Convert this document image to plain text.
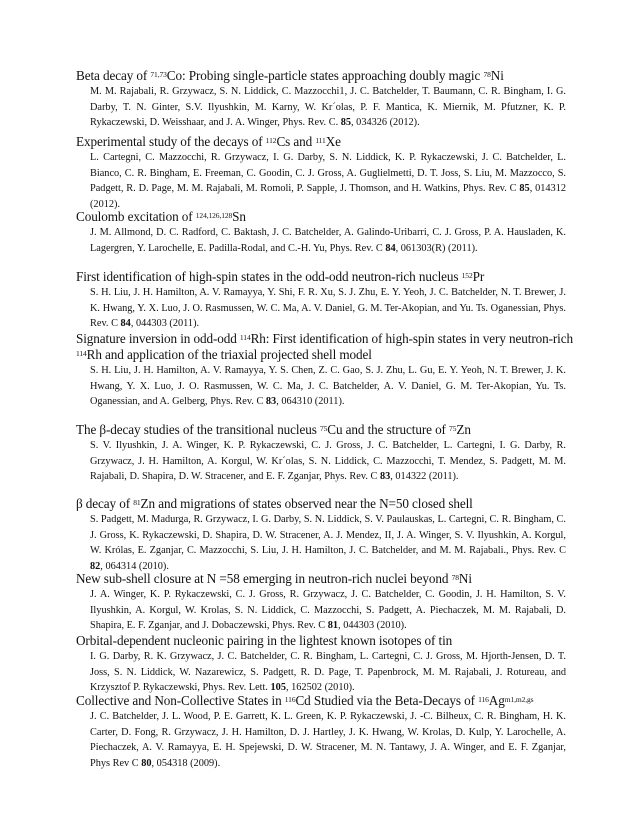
Beta decay of $^{71,73}$Co: Probing single-particle states approaching doubly magic $^{78}$Ni
M. M. Rajabali, R. Grzywacz, S. N. Liddick, C. Mazzocchi1, J. C. Batchelder, T. Baumann, C. R. Bingham, I. G. Darby, T. N. Ginter, S.V. Ilyushkin, M. Karny, W. Kr´olas, P. F. Mantica, K. Miernik, M. Pfutzner, K. P. Rykaczewski, D. Weisshaar, and J. A. Winger, Phys. Rev. C. 85, 034326 (2012).
Experimental study of the decays of $^{112}$Cs and $^{111}$Xe
L. Cartegni, C. Mazzocchi, R. Grzywacz, I. G. Darby, S. N. Liddick, K. P. Rykaczewski, J. C. Batchelder, L. Bianco, C. R. Bingham, E. Freeman, C. Goodin, C. J. Gross, A. Guglielmetti, D. T. Joss, S. Liu, M. Mazzocco, S. Padgett, R. D. Page, M. M. Rajabali, M. Romoli, P. Sapple, J. Thomson, and H. Watkins, Phys. Rev. C 85, 014312 (2012).
Coulomb excitation of $^{124,126,128}$Sn
J. M. Allmond, D. C. Radford, C. Baktash, J. C. Batchelder, A. Galindo-Uribarri, C. J. Gross, P. A. Hausladen, K. Lagergren, Y. Larochelle, E. Padilla-Rodal, and C.-H. Yu, Phys. Rev. C 84, 061303(R) (2011).
First identification of high-spin states in the odd-odd neutron-rich nucleus $^{152}$Pr
S. H. Liu, J. H. Hamilton, A. V. Ramayya, Y. Shi, F. R. Xu, S. J. Zhu, E. Y. Yeoh, J. C. Batchelder, N. T. Brewer, J. K. Hwang, Y. X. Luo, J. O. Rasmussen, W. C. Ma, A. V. Daniel, G. M. Ter-Akopian, and Yu. Ts. Oganessian, Phys. Rev. C 84, 044303 (2011).
Signature inversion in odd-odd $^{114}$Rh: First identification of high-spin states in very neutron-rich
$^{114}$Rh and application of the triaxial projected shell model
S. H. Liu, J. H. Hamilton, A. V. Ramayya, Y. S. Chen, Z. C. Gao, S. J. Zhu, L. Gu, E. Y. Yeoh, N. T. Brewer, J. K. Hwang, Y. X. Luo, J. O. Rasmussen, W. C. Ma, J. C. Batchelder, A. V. Daniel, G. M. Ter-Akopian, Yu. Ts. Oganessian, and A. Gelberg, Phys. Rev. C 83, 064310 (2011).
The β-decay studies of the transitional nucleus $^{75}$Cu and the structure of $^{75}$Zn
S. V. Ilyushkin, J. A. Winger, K. P. Rykaczewski, C. J. Gross, J. C. Batchelder, L. Cartegni, I. G. Darby, R. Grzywacz, J. H. Hamilton, A. Korgul, W. Kr´olas, S. N. Liddick, C. Mazzocchi, T. Mendez, S. Padgett, M. M. Rajabali, D. Shapira, D. W. Stracener, and E. F. Zganjar, Phys. Rev. C 83, 014322 (2011).
β decay of $^{81}$Zn and migrations of states observed near the N=50 closed shell
S. Padgett, M. Madurga, R. Grzywacz, I. G. Darby, S. N. Liddick, S. V. Paulauskas, L. Cartegni, C. R. Bingham, C. J. Gross, K. Rykaczewski, D. Shapira, D. W. Stracener, A. J. Mendez, II, J. A. Winger, S. V. Ilyushkin, A. Korgul, W. Królas, E. Zganjar, C. Mazzocchi, S. Liu, J. H. Hamilton, J. C. Batchelder, and M. M. Rajabali., Phys. Rev. C 82, 064314 (2010).
New sub-shell closure at N =58 emerging in neutron-rich nuclei beyond $^{78}$Ni
J. A. Winger, K. P. Rykaczewski, C. J. Gross, R. Grzywacz, J. C. Batchelder, C. Goodin, J. H. Hamilton, S. V. Ilyushkin, A. Korgul, W. Krolas, S. N. Liddick, C. Mazzocchi, S. Padgett, A. Piechaczek, M. M. Rajabali, D. Shapira, E. F. Zganjar, and J. Dobaczewski, Phys. Rev. C 81, 044303 (2010).
Orbital-dependent nucleonic pairing in the lightest known isotopes of tin
I. G. Darby, R. K. Grzywacz, J. C. Batchelder, C. R. Bingham, L. Cartegni, C. J. Gross, M. Hjorth-Jensen, D. T. Joss, S. N. Liddick, W. Nazarewicz, S. Padgett, R. D. Page, T. Papenbrock, M. M. Rajabali, J. Rotureau, and Krzysztof P. Rykaczewski, Phys. Rev. Lett. 105, 162502 (2010).
Collective and Non-Collective States in $^{116}$Cd Studied via the Beta-Decays of $^{116}Ag^{m1,m2,gs}$
J. C. Batchelder, J. L. Wood, P. E. Garrett, K. L. Green, K. P. Rykaczewski, J. -C. Bilheux, C. R. Bingham, H. K. Carter, D. Fong, R. Grzywacz, J. H. Hamilton, D. J. Hartley, J. K. Hwang, W. Krolas, D. Kulp, Y. Larochelle, A. Piechaczek, A. V. Ramayya, E. H. Spejewski, D. W. Stracener, M. N. Tantawy, J. A. Winger, and E. F. Zganjar, Phys Rev C 80, 054318 (2009).
